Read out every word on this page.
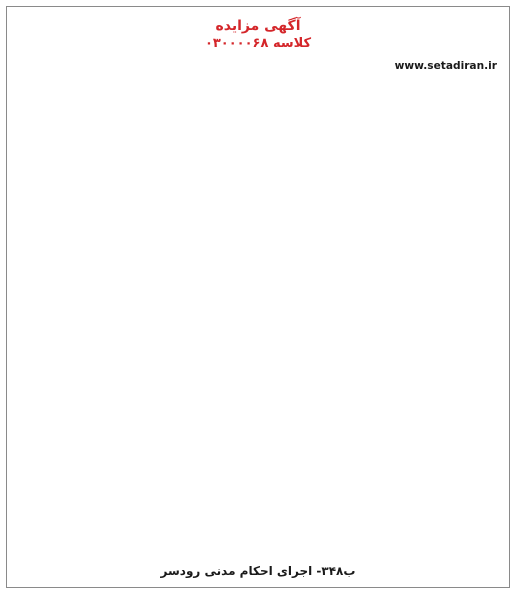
آگهی مزایده
کلاسه ۰۳۰۰۰۰۶۸

www.setadiran.ir

ب۳۴۸- اجرای احکام مدنی رودسر
